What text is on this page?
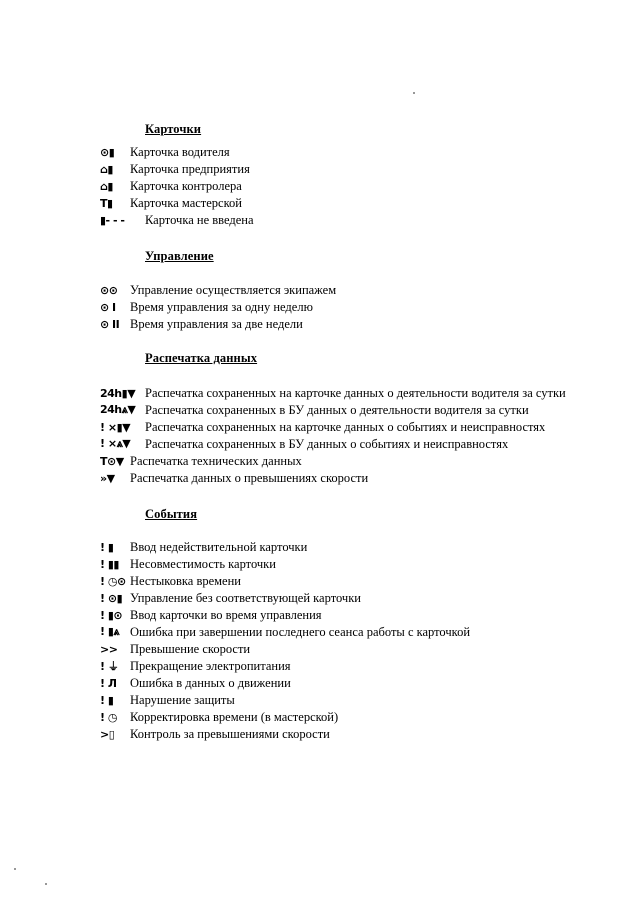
Карточки
⊙▮	Карточка водителя
⌂▮	Карточка предприятия
⌂▮	Карточка контролера
T▮	Карточка мастерской
▮- - -	Карточка не введена
Управление
⊙⊙	Управление осуществляется экипажем
⊙ I	Время управления за одну неделю
⊙ II Время управления за две недели
Распечатка данных
24h▮▼ Распечатка сохраненных на карточке данных о деятельности водителя за сутки
24h⩓▼ Распечатка сохраненных в БУ данных о деятельности водителя за сутки
! ×▮▼	Распечатка сохраненных на карточке данных о событиях и неисправностях
! ×⩓▼	Распечатка сохраненных в БУ данных о событиях и неисправностях
T⊙▼ Распечатка технических данных
»▼	Распечатка данных о превышениях скорости
События
! ▮	Ввод недействительной карточки
! ▮▮ Несовместимость карточки
! ◷⊙ Нестыковка времени
! ⊙▮ Управление без соответствующей карточки
! ▮⊙ Ввод карточки во время управления
! ▮⩓ Ошибка при завершении последнего сеанса работы с карточкой
>>	Превышение скорости
! ⏚ Прекращение электропитания
! Л	Ошибка в данных о движении
! ▮	Нарушение защиты
! ◷	Корректировка времени (в мастерской)
>▯	Контроль за превышениями скорости
